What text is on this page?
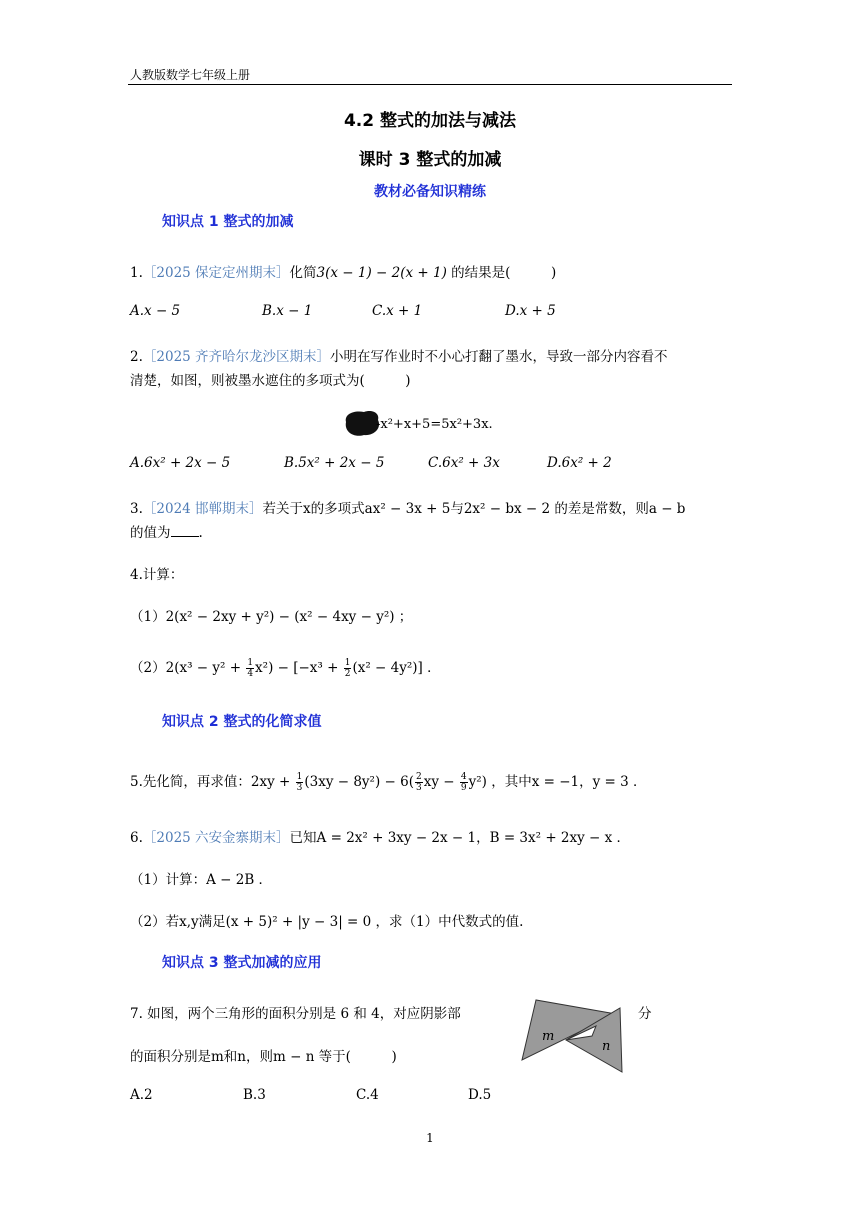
人教版数学七年级上册
4.2 整式的加法与减法
课时 3 整式的加减
教材必备知识精练
知识点 1 整式的加减
1.［2025 保定定州期末］化简3(x − 1) − 2(x + 1) 的结果是(　　　)
A.x − 5	B.x − 1	C.x + 1	D.x + 5
2.［2025 齐齐哈尔龙沙区期末］小明在写作业时不小心打翻了墨水，导致一部分内容看不
清楚，如图，则被墨水遮住的多项式为(　　　)
-x²+x+5=5x²+3x.
A.6x² + 2x − 5	B.5x² + 2x − 5	C.6x² + 3x	D.6x² + 2
3.［2024 邯郸期末］若关于x的多项式ax² − 3x + 5与2x² − bx − 2 的差是常数，则a − b
的值为 .
4.计算：
（1）2(x² − 2xy + y²) − (x² − 4xy − y²) ；
$(2)2(x^3 - y^2 + \frac{1}{4} x^2) - [-x^3 + \frac{1}{2} (x^2 - 4y^2)]$ ．
知识点 2 整式的化简求值
5.先化简，再求值：$2xy + \frac{1}{3} (3xy - 8y^2) - 6( \frac{2}{3}$ xy − $\frac{4}{9} y^2$) ，其中x = −1，y = 3 ．
6.［2025 六安金寨期末］已知A = 2x² + 3xy − 2x − 1，B = 3x² + 2xy − x ．
（1）计算：A − 2B ．
（2）若x,y满足(x + 5)² + |y − 3| = 0 ，求（1）中代数式的值.
知识点 3 整式加减的应用
7. 如图，两个三角形的面积分别是 6 和 4，对应阴影部	分
的面积分别是m和n，则m − n 等于(　　　)
m
n
A.2	B.3	C.4	D.5
1
